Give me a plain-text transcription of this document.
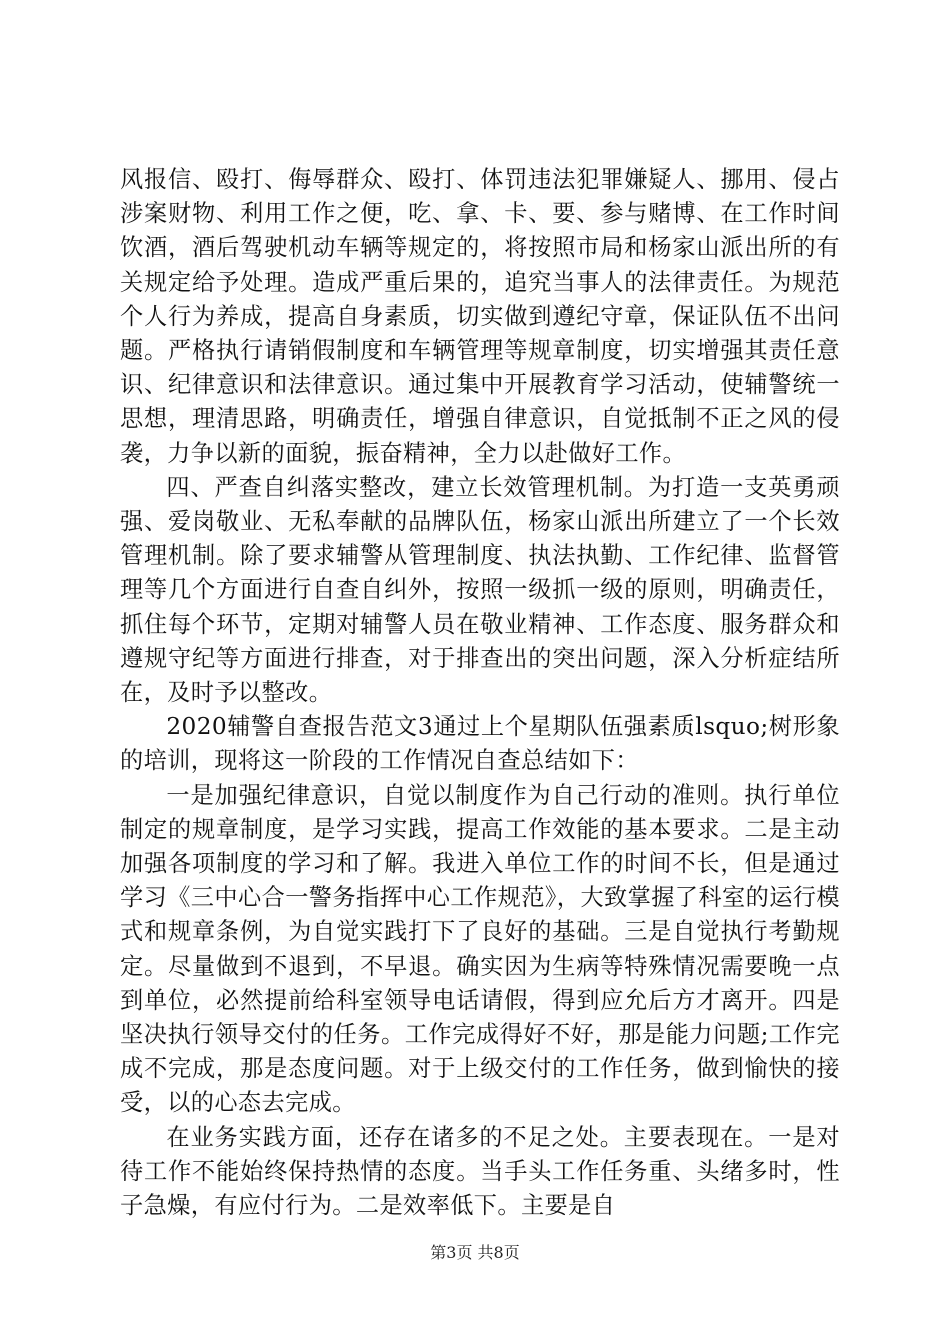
风报信、殴打、侮辱群众、殴打、体罚违法犯罪嫌疑人、挪用、侵占涉案财物、利用工作之便，吃、拿、卡、要、参与赌博、在工作时间饮酒，酒后驾驶机动车辆等规定的，将按照市局和杨家山派出所的有关规定给予处理。造成严重后果的，追究当事人的法律责任。为规范个人行为养成，提高自身素质，切实做到遵纪守章，保证队伍不出问题。严格执行请销假制度和车辆管理等规章制度，切实增强其责任意识、纪律意识和法律意识。通过集中开展教育学习活动，使辅警统一思想，理清思路，明确责任，增强自律意识，自觉抵制不正之风的侵袭，力争以新的面貌，振奋精神，全力以赴做好工作。

四、严查自纠落实整改，建立长效管理机制。为打造一支英勇顽强、爱岗敬业、无私奉献的品牌队伍，杨家山派出所建立了一个长效管理机制。除了要求辅警从管理制度、执法执勤、工作纪律、监督管理等几个方面进行自查自纠外，按照一级抓一级的原则，明确责任，抓住每个环节，定期对辅警人员在敬业精神、工作态度、服务群众和遵规守纪等方面进行排查，对于排查出的突出问题，深入分析症结所在，及时予以整改。

2020辅警自查报告范文3通过上个星期队伍强素质lsquo;树形象的培训，现将这一阶段的工作情况自查总结如下：

一是加强纪律意识，自觉以制度作为自己行动的准则。执行单位制定的规章制度，是学习实践，提高工作效能的基本要求。二是主动加强各项制度的学习和了解。我进入单位工作的时间不长，但是通过学习《三中心合一警务指挥中心工作规范》，大致掌握了科室的运行模式和规章条例，为自觉实践打下了良好的基础。三是自觉执行考勤规定。尽量做到不退到，不早退。确实因为生病等特殊情况需要晚一点到单位，必然提前给科室领导电话请假，得到应允后方才离开。四是坚决执行领导交付的任务。工作完成得好不好，那是能力问题;工作完成不完成，那是态度问题。对于上级交付的工作任务，做到愉快的接受，以的心态去完成。

在业务实践方面，还存在诸多的不足之处。主要表现在。一是对待工作不能始终保持热情的态度。当手头工作任务重、头绪多时，性子急燥，有应付行为。二是效率低下。主要是自

第3页 共8页
